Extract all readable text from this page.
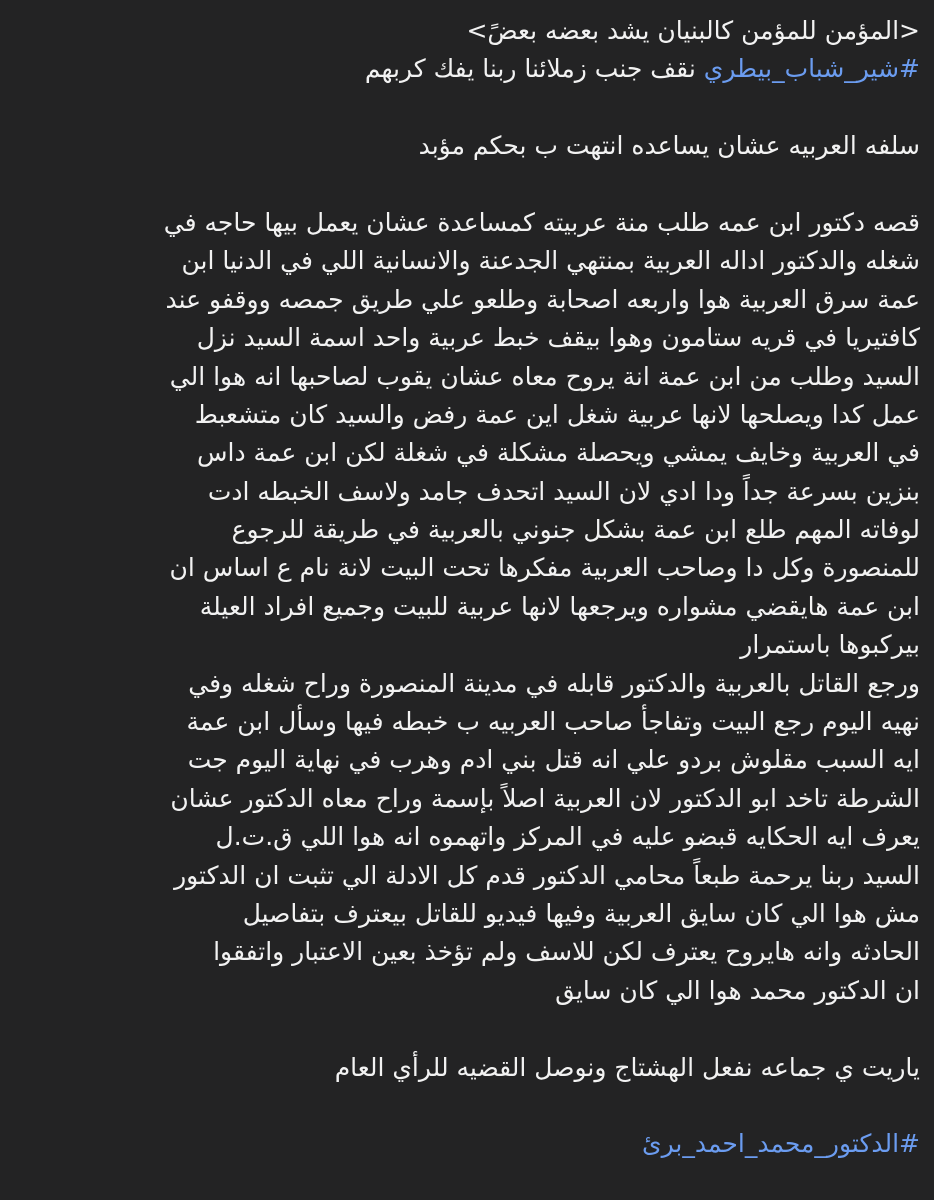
<المؤمن للمؤمن كالبنيان يشد بعضه بعضً>
#شير_شباب_بيطري نقف جنب زملائنا ربنا يفك كربهم
سلفه العربيه عشان يساعده انتهت ب بحكم مؤبد
قصه دكتور ابن عمه طلب منة عربيته كمساعدة عشان يعمل بيها حاجه في
شغله والدكتور اداله العربية بمنتهي الجدعنة والانسانية اللي في الدنيا ابن
عمة سرق العربية هوا واربعه اصحابة وطلعو علي طريق جمصه ووقفو عند
كافتيريا في قريه ستامون وهوا بيقف خبط عربية واحد اسمة السيد نزل
السيد وطلب من ابن عمة انة يروح معاه عشان يقوب لصاحبها انه هوا الي
عمل كدا ويصلحها لانها عربية شغل اين عمة رفض والسيد كان متشعبط
في العربية وخايف يمشي ويحصلة مشكلة في شغلة لكن ابن عمة داس
بنزين بسرعة جداً ودا ادي لان السيد اتحدف جامد ولاسف الخبطه ادت
لوفاته المهم طلع ابن عمة بشكل جنوني بالعربية في طريقة للرجوع
للمنصورة وكل دا وصاحب العربية مفكرها تحت البيت لانة نام ع اساس ان
ابن عمة هايقضي مشواره ويرجعها لانها عربية للبيت وجميع افراد العيلة
بيركبوها باستمرار
ورجع القاتل بالعربية والدكتور قابله في مدينة المنصورة وراح شغله وفي
نهيه اليوم رجع البيت وتفاجأ صاحب العربيه ب خبطه فيها وسأل ابن عمة
ايه السبب مقلوش بردو علي انه قتل بني ادم وهرب في نهاية اليوم جت
الشرطة تاخد ابو الدكتور لان العربية اصلاً بإسمة وراح معاه الدكتور عشان
يعرف ايه الحكايه قبضو عليه في المركز واتهموه انه هوا اللي ق.ت.ل
السيد ربنا يرحمة طبعاً محامي الدكتور قدم كل الادلة الي تثبت ان الدكتور
مش هوا الي كان سايق العربية وفيها فيديو للقاتل بيعترف بتفاصيل
الحادثه وانه هايروح يعترف لكن للاسف ولم تؤخذ بعين الاعتبار واتفقوا
ان الدكتور محمد هوا الي كان سايق
ياريت ي جماعه نفعل الهشتاج ونوصل القضيه للرأي العام
#الدكتور_محمد_احمد_برئ
